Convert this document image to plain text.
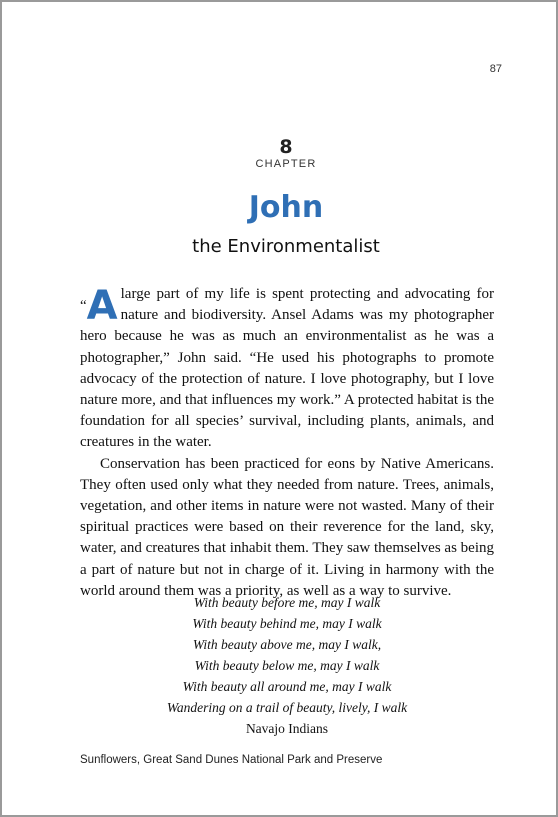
87
8
CHAPTER
John
the Environmentalist

“A large part of my life is spent protecting and advocating for nature and biodiversity. Ansel Adams was my photographer hero because he was as much an environmentalist as he was a photographer,” John said. “He used his photographs to promote advocacy of the protection of nature. I love photography, but I love nature more, and that influences my work.” A protected habitat is the foundation for all species’ survival, including plants, animals, and creatures in the water.

Conservation has been practiced for eons by Native Americans. They often used only what they needed from nature. Trees, animals, vegetation, and other items in nature were not wasted. Many of their spiritual practices were based on their reverence for the land, sky, water, and creatures that inhabit them. They saw themselves as being a part of nature but not in charge of it. Living in harmony with the world around them was a priority, as well as a way to survive.

With beauty before me, may I walk
With beauty behind me, may I walk
With beauty above me, may I walk,
With beauty below me, may I walk
With beauty all around me, may I walk
Wandering on a trail of beauty, lively, I walk
Navajo Indians
Sunflowers, Great Sand Dunes National Park and Preserve
